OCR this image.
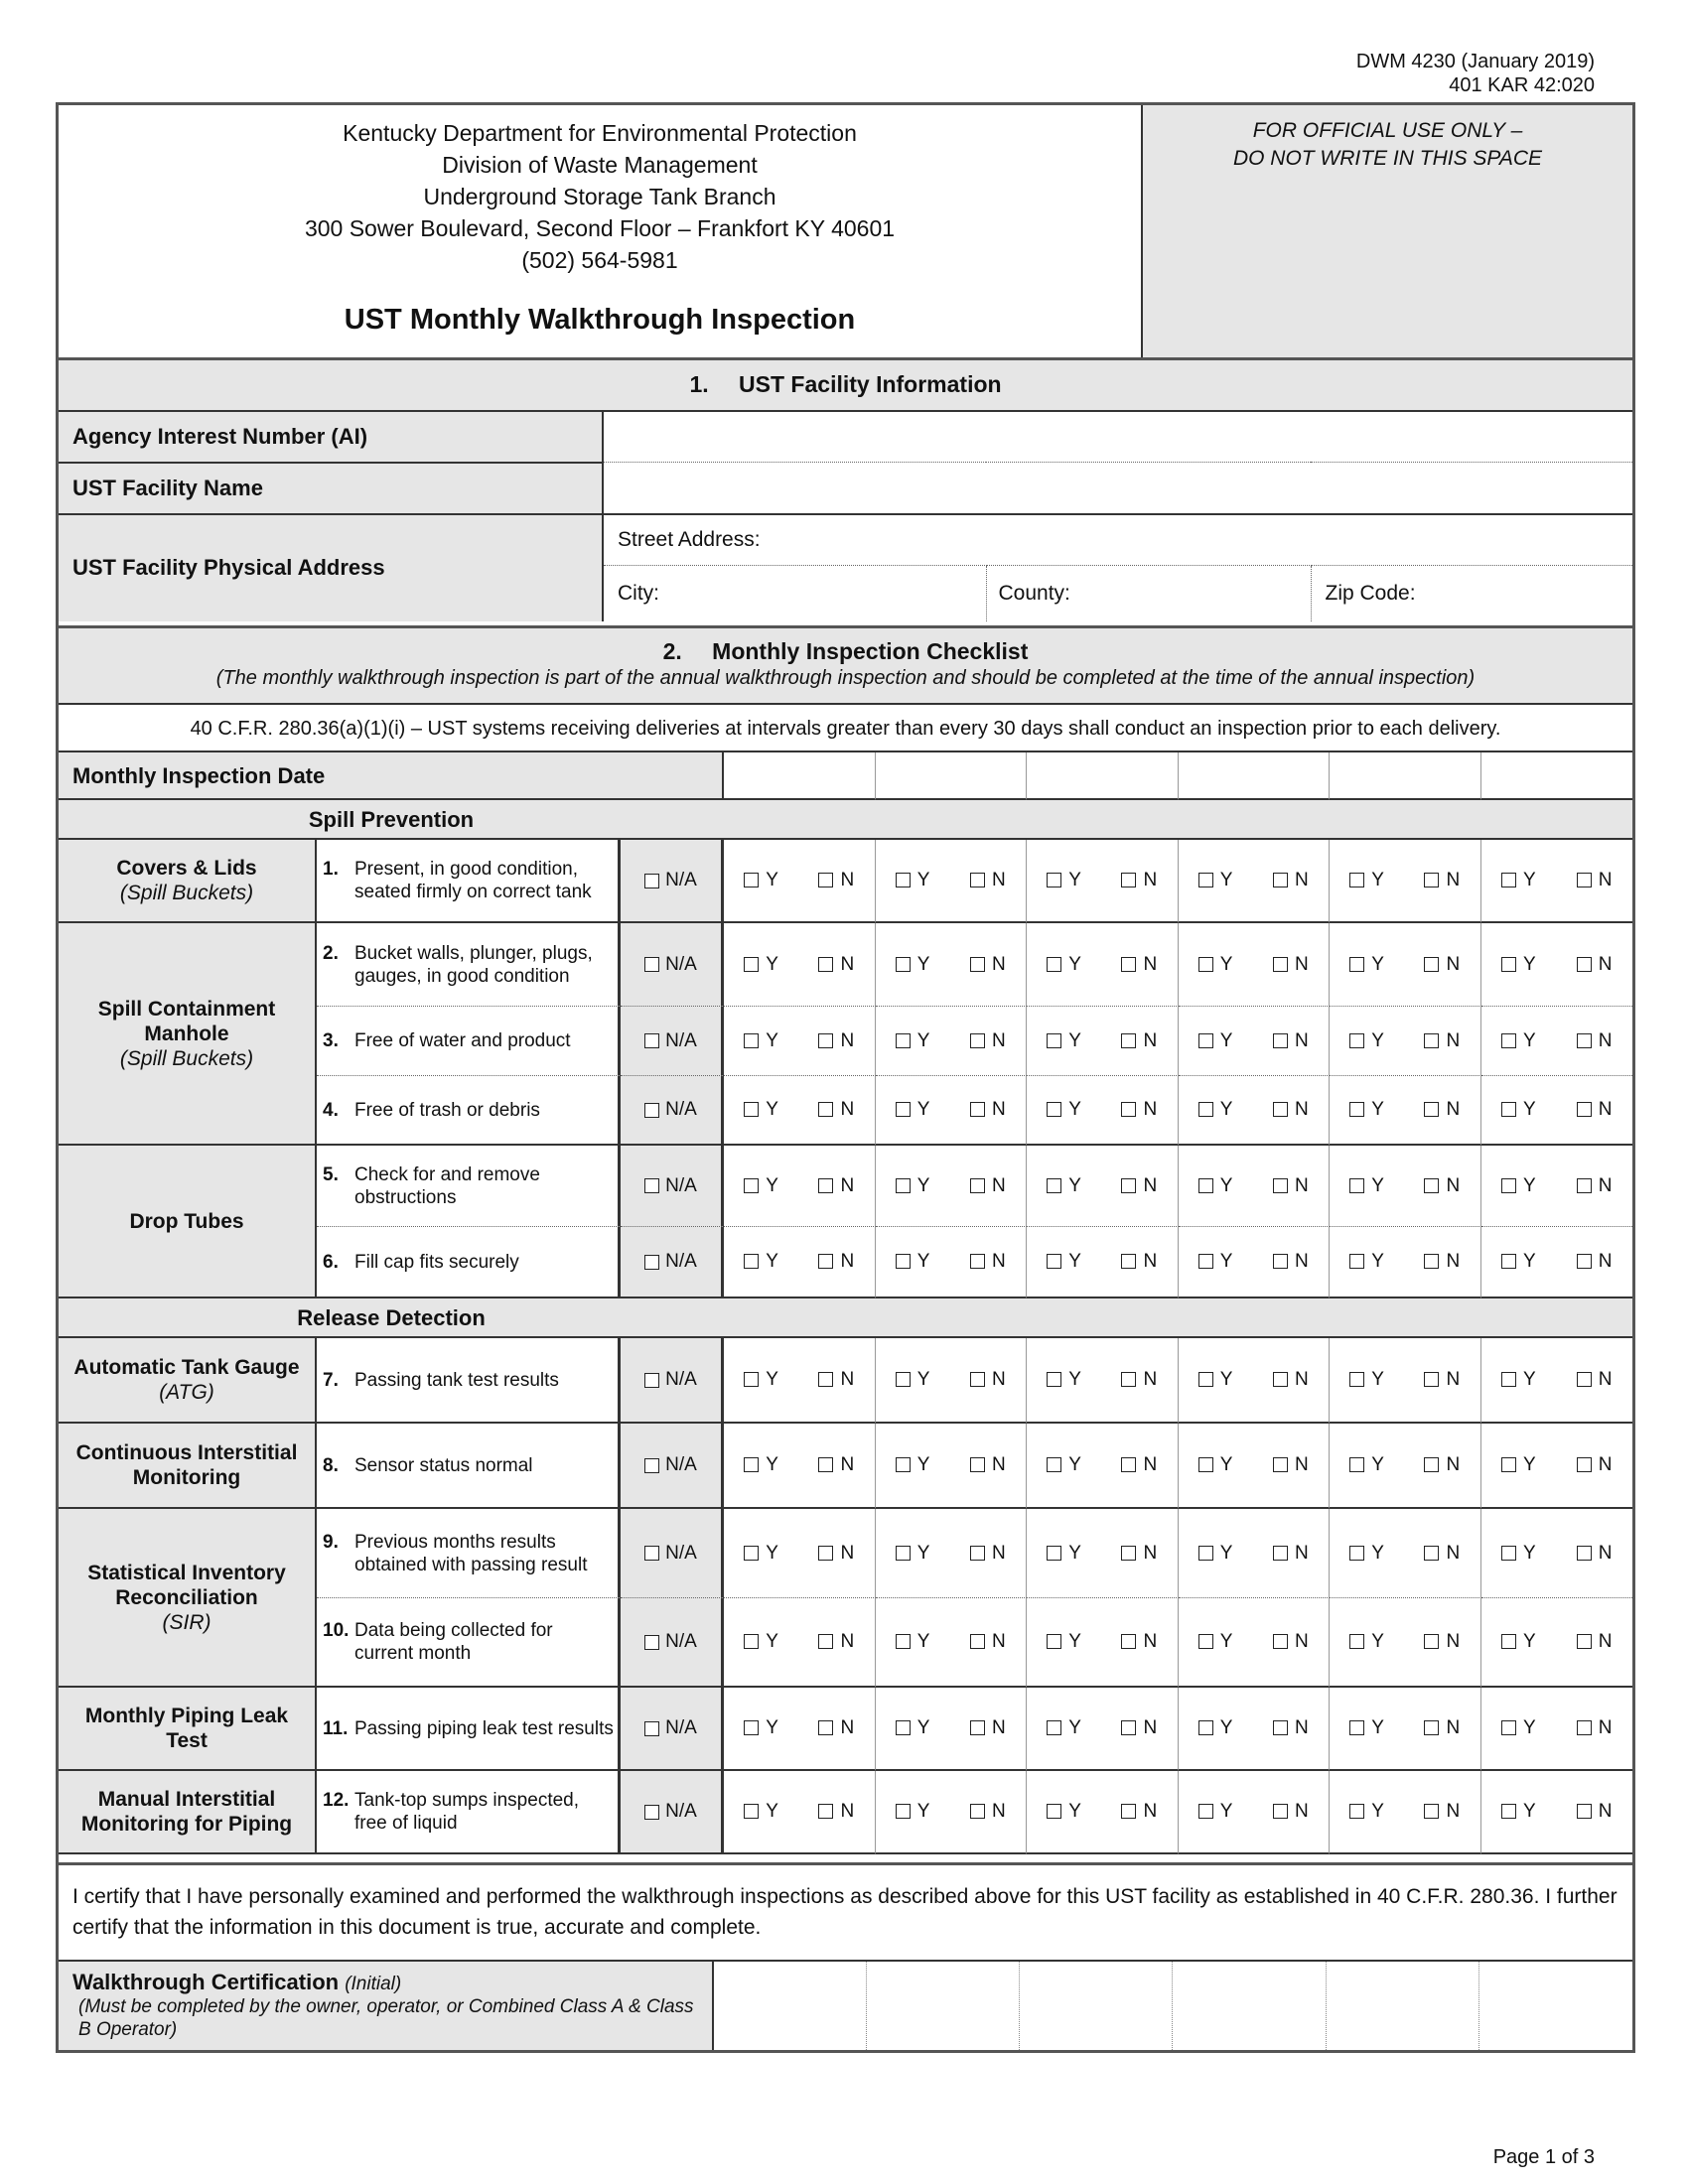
DWM 4230 (January 2019)
401 KAR 42:020
Kentucky Department for Environmental Protection
Division of Waste Management
Underground Storage Tank Branch
300 Sower Boulevard, Second Floor – Frankfort KY 40601
(502) 564-5981
UST Monthly Walkthrough Inspection
FOR OFFICIAL USE ONLY –
DO NOT WRITE IN THIS SPACE
1. UST Facility Information			
Agency Interest Number (AI)			
UST Facility Name			
UST Facility Physical Address	Street Address:		
	City:	County:	Zip Code:
2. Monthly Inspection Checklist
(The monthly walkthrough inspection is part of the annual walkthrough inspection and should be completed at the time of the annual inspection)
40 C.F.R. 280.36(a)(1)(i) – UST systems receiving deliveries at intervals greater than every 30 days shall conduct an inspection prior to each delivery.
Monthly Inspection Date
Spill Prevention
Covers & Lids
(Spill Buckets)
1. Present, in good condition, seated firmly on correct tank
N/A	Y	N	Y	N	Y	N	Y	N	Y	N	Y	N
Spill Containment Manhole
(Spill Buckets)
2. Bucket walls, plunger, plugs, gauges, in good condition
N/A	Y	N	Y	N	Y	N	Y	N	Y	N	Y	N
3. Free of water and product	N/A	Y	N	Y	N	Y	N	Y	N	Y	N	Y	N
4. Free of trash or debris	N/A	Y	N	Y	N	Y	N	Y	N	Y	N	Y	N
Drop Tubes
5. Check for and remove obstructions
N/A	Y	N	Y	N	Y	N	Y	N	Y	N	Y	N
6. Fill cap fits securely	N/A	Y	N	Y	N	Y	N	Y	N	Y	N	Y	N
Release Detection
Automatic Tank Gauge
(ATG)
7. Passing tank test results	N/A	Y	N	Y	N	Y	N	Y	N	Y	N	Y	N
Continuous Interstitial Monitoring
8. Sensor status normal	N/A	Y	N	Y	N	Y	N	Y	N	Y	N	Y	N
Statistical Inventory Reconciliation
(SIR)
9. Previous months results obtained with passing result
N/A	Y	N	Y	N	Y	N	Y	N	Y	N	Y	N
10. Data being collected for current month
N/A	Y	N	Y	N	Y	N	Y	N	Y	N	Y	N
Monthly Piping Leak Test
11. Passing piping leak test results	N/A	Y	N	Y	N	Y	N	Y	N	Y	N	Y	N
Manual Interstitial Monitoring for Piping
12. Tank-top sumps inspected, free of liquid
N/A	Y	N	Y	N	Y	N	Y	N	Y	N	Y	N
I certify that I have personally examined and performed the walkthrough inspections as described above for this UST facility as established in 40 C.F.R. 280.36. I further certify that the information in this document is true, accurate and complete.
Walkthrough Certification (Initial)
(Must be completed by the owner, operator, or Combined Class A & Class B Operator)
Page 1 of 3
